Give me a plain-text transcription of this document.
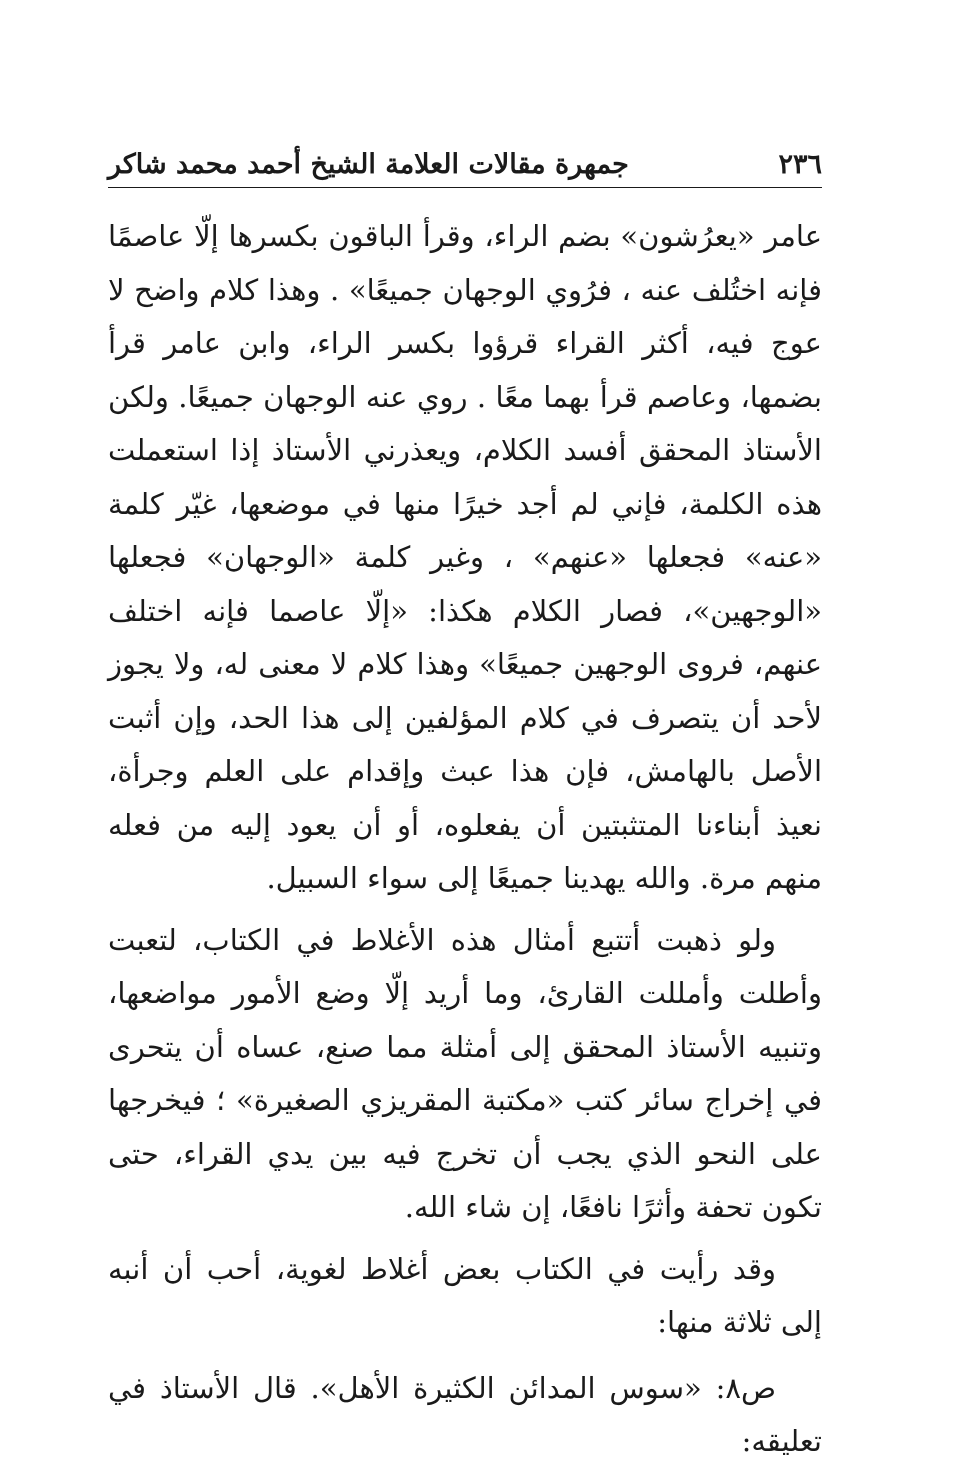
٢٣٦
جمهرة مقالات العلامة الشيخ أحمد محمد شاكر

عامر «يعرُشون» بضم الراء، وقرأ الباقون بكسرها إلّا عاصمًا فإنه اختُلف عنه ، فرُوي الوجهان جميعًا» . وهذا كلام واضح لا عوج فيه، أكثر القراء قرؤوا بكسر الراء، وابن عامر قرأ بضمها، وعاصم قرأ بهما معًا . روي عنه الوجهان جميعًا. ولكن الأستاذ المحقق أفسد الكلام، ويعذرني الأستاذ إذا استعملت هذه الكلمة، فإني لم أجد خيرًا منها في موضعها، غيّر كلمة «عنه» فجعلها «عنهم» ، وغير كلمة «الوجهان» فجعلها «الوجهين»، فصار الكلام هكذا: «إلّا عاصما فإنه اختلف عنهم، فروى الوجهين جميعًا» وهذا كلام لا معنى له، ولا يجوز لأحد أن يتصرف في كلام المؤلفين إلى هذا الحد، وإن أثبت الأصل بالهامش، فإن هذا عبث وإقدام على العلم وجرأة، نعيذ أبناءنا المتثبتين أن يفعلوه، أو أن يعود إليه من فعله منهم مرة. والله يهدينا جميعًا إلى سواء السبيل.

ولو ذهبت أتتبع أمثال هذه الأغلاط في الكتاب، لتعبت وأطلت وأمللت القارئ، وما أريد إلّا وضع الأمور مواضعها، وتنبيه الأستاذ المحقق إلى أمثلة مما صنع، عساه أن يتحرى في إخراج سائر كتب «مكتبة المقريزي الصغيرة» ؛ فيخرجها على النحو الذي يجب أن تخرج فيه بين يدي القراء، حتى تكون تحفة وأثرًا نافعًا، إن شاء الله.

وقد رأيت في الكتاب بعض أغلاط لغوية، أحب أن أنبه إلى ثلاثة منها:

ص٨: «سوس المدائن الكثيرة الأهل». قال الأستاذ في تعليقه:
